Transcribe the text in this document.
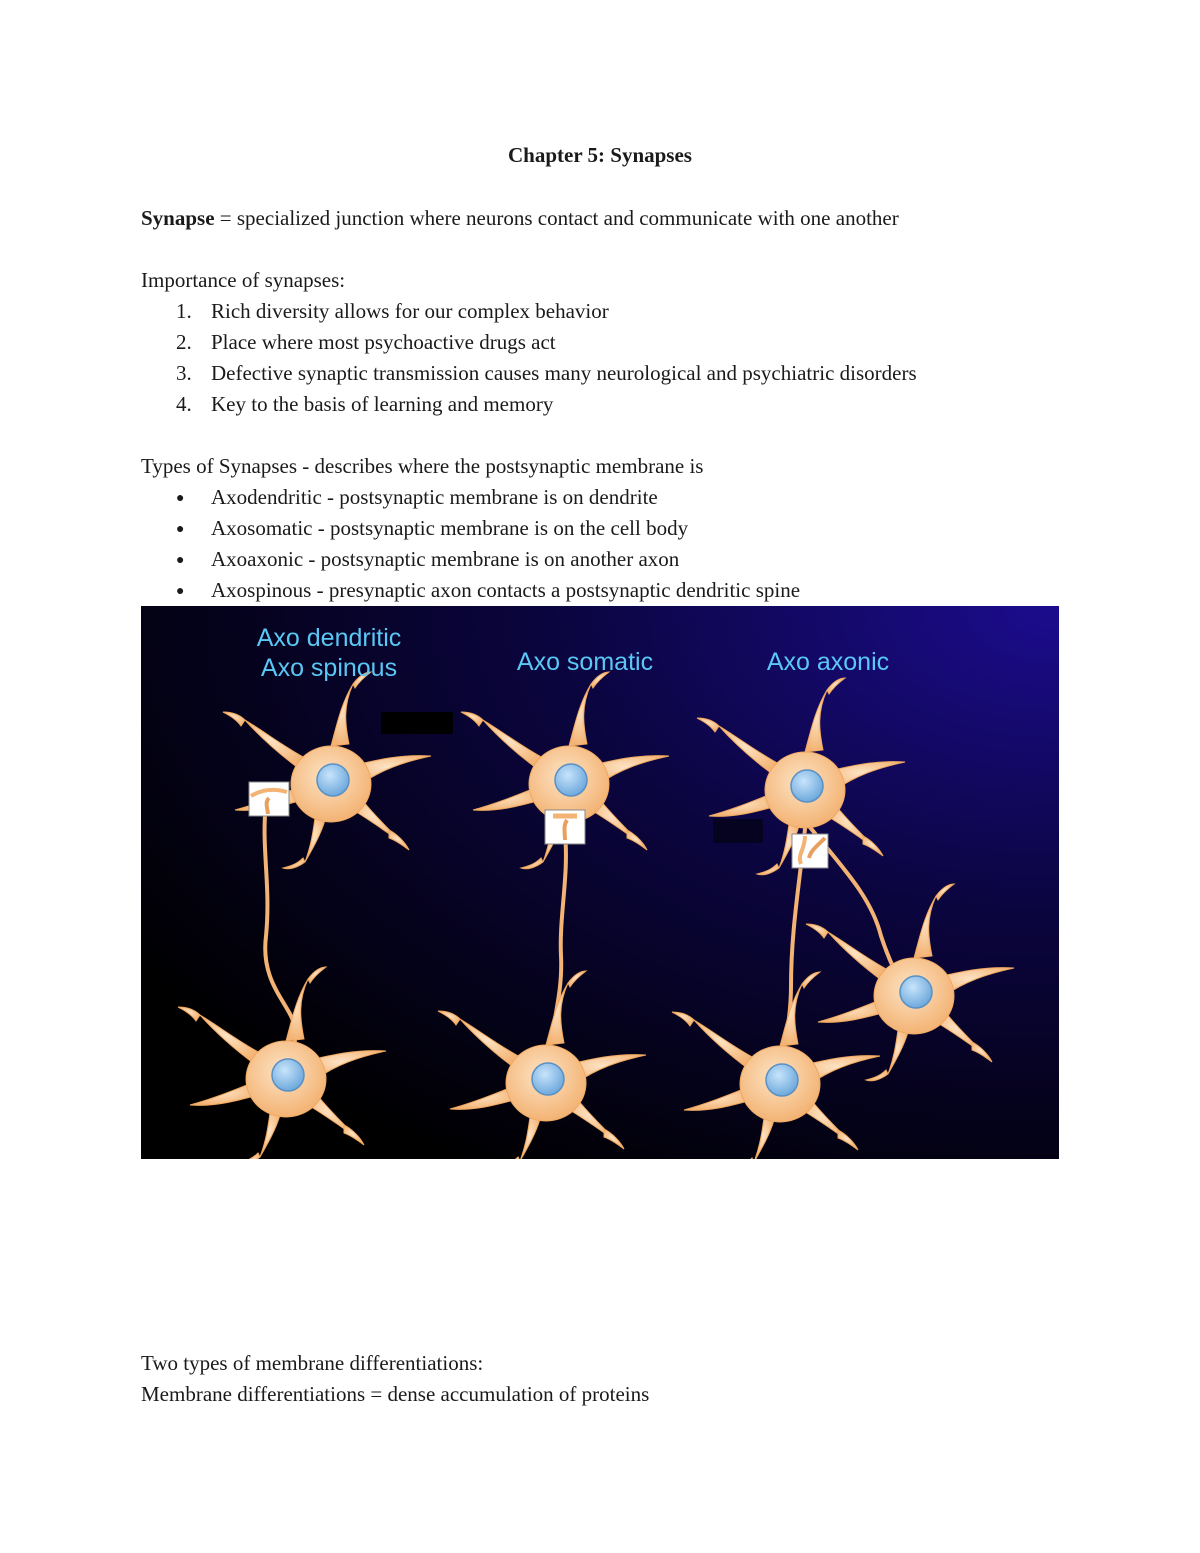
Chapter 5: Synapses
Synapse = specialized junction where neurons contact and communicate with one another
Importance of synapses:
1. Rich diversity allows for our complex behavior
2. Place where most psychoactive drugs act
3. Defective synaptic transmission causes many neurological and psychiatric disorders
4. Key to the basis of learning and memory
Types of Synapses - describes where the postsynaptic membrane is
● Axodendritic - postsynaptic membrane is on dendrite
● Axosomatic - postsynaptic membrane is on the cell body
● Axoaxonic - postsynaptic membrane is on another axon
● Axospinous - presynaptic axon contacts a postsynaptic dendritic spine
Axo dendritic
Axo spinous	Axo somatic	Axo axonic
Two types of membrane differentiations:
Membrane differentiations = dense accumulation of proteins
